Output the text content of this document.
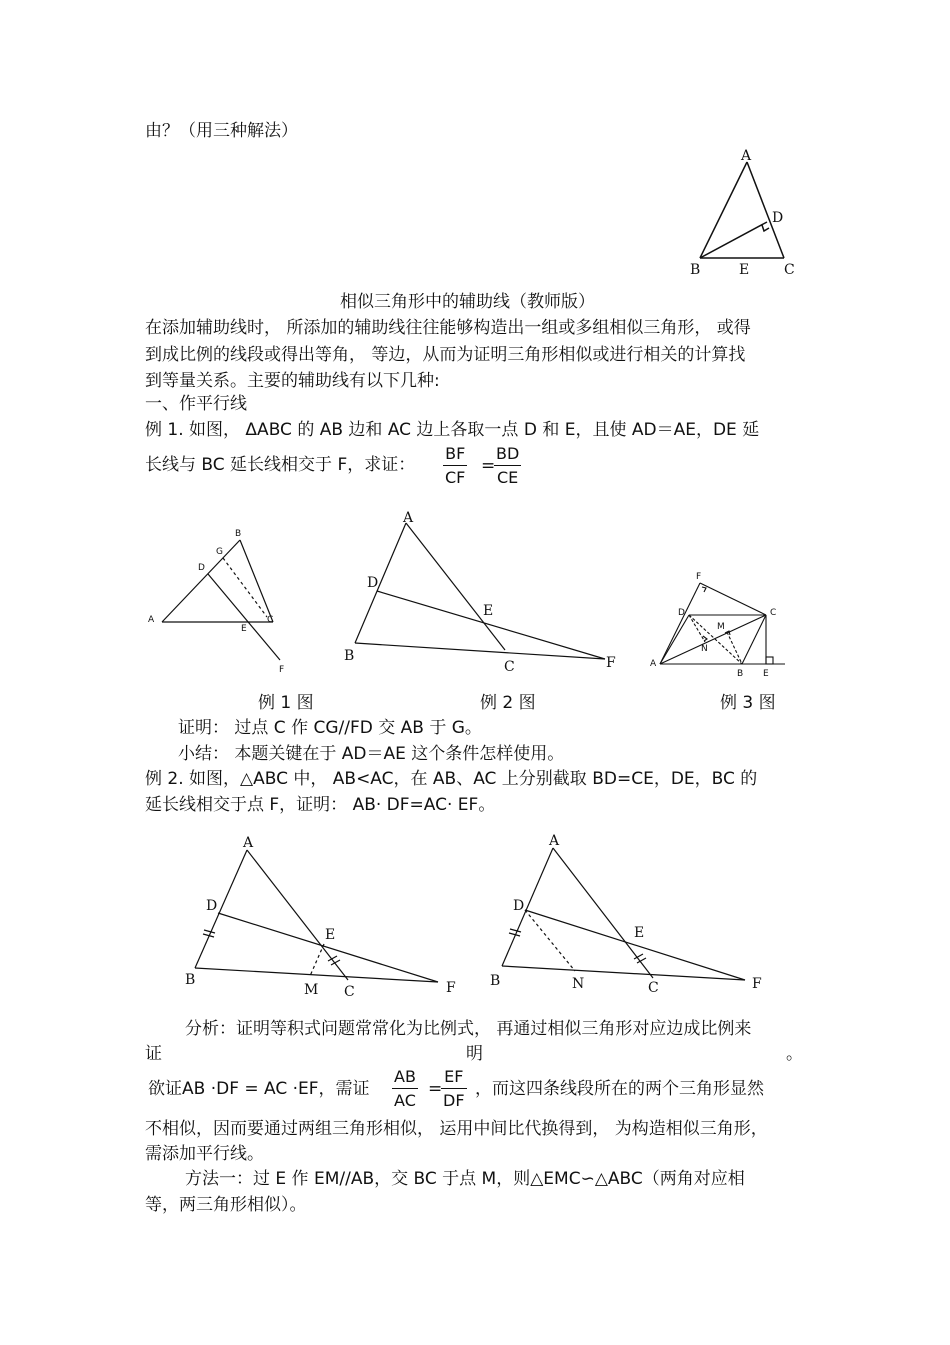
由？（用三种解法）
A
B	C
D
E
相似三角形中的辅助线（教师版）
在添加辅助线时， 所添加的辅助线往往能够构造出一组或多组相似三角形， 或得
到成比例的线段或得出等角， 等边，从而为证明三角形相似或进行相关的计算找
到等量关系。主要的辅助线有以下几种:
一、作平行线
例 1. 如图， ΔABC 的 AB 边和 AC 边上各取一点 D 和 E，且使 AD＝AE，DE 延
长线与 BC 延长线相交于 F，求证：
BF
CF
=
BD
CE
A
B
C
D
E
F
G
A
B
C
D
E
F	A
B
C
D
E
F
M
N
例 1 图	例 2 图	例 3 图
证明： 过点 C 作 CG//FD 交 AB 于 G。
小结： 本题关键在于 AD＝AE 这个条件怎样使用。
例 2. 如图，△ABC 中， AB<AC，在 AB、AC 上分别截取 BD=CE，DE，BC 的
延长线相交于点 F，证明： AB· DF=AC· EF。
A
B
C
D
E
F
M
A
B	C
D
E
F
N
分析：证明等积式问题常常化为比例式， 再通过相似三角形对应边成比例来
证	明	。
欲证AB ·DF = AC ·EF，需证
AB
AC
=
EF
DF
，而这四条线段所在的两个三角形显然
不相似，因而要通过两组三角形相似， 运用中间比代换得到， 为构造相似三角形，
需添加平行线。
方法一：过 E 作 EM//AB，交 BC 于点 M，则△EMC∽△ABC（两角对应相
等，两三角形相似）。
